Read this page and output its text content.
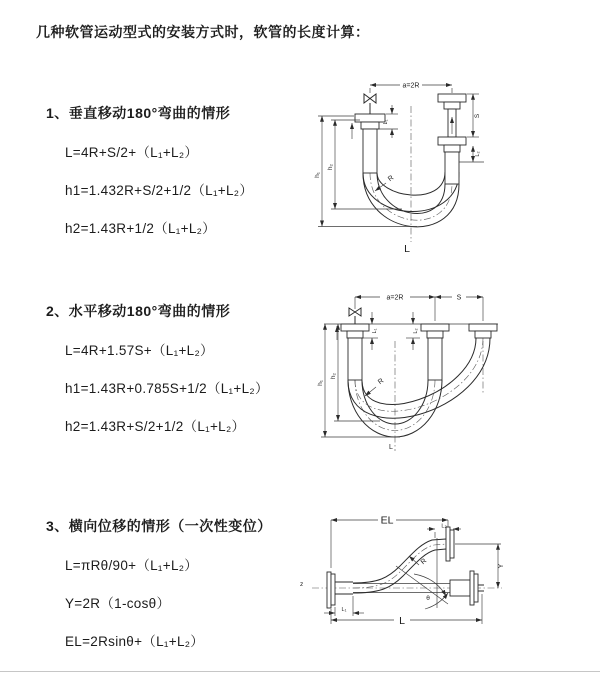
几种软管运动型式的安装方式时，软管的长度计算：
1、垂直移动180°弯曲的情形

L=4R+S/2+（L₁+L₂）

h1=1.432R+S/2+1/2（L₁+L₂）

h2=1.43R+1/2（L₁+L₂）

2、水平移动180°弯曲的情形

L=4R+1.57S+（L₁+L₂）

h1=1.43R+0.785S+1/2（L₁+L₂）

h2=1.43R+S/2+1/2（L₁+L₂）

3、横向位移的情形（一次性变位）

L=πRθ/90+（L₁+L₂）

Y=2R（1-cosθ）

EL=2Rsinθ+（L₁+L₂）

a=2R
S
L₂
h₁
h₂
L₁
R
L
a=2R	S
L₁	L₂
h₁
h₂
R
L
z
EL	L₂
Y
θ
R
L₁
L
